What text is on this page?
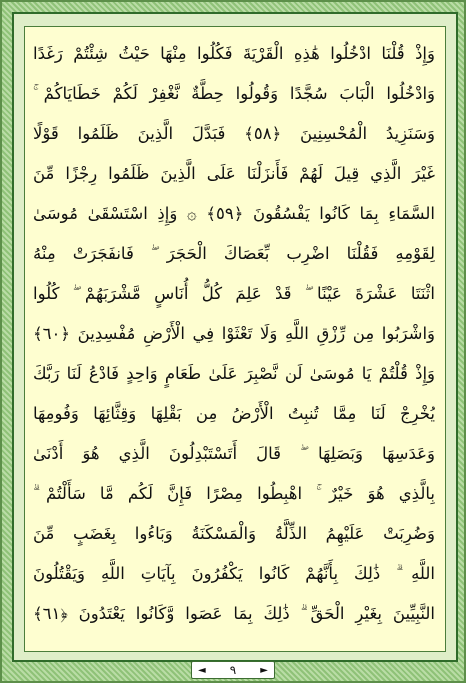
وَإِذْ قُلْنَا ادْخُلُوا هَٰذِهِ الْقَرْيَةَ فَكُلُوا مِنْهَا حَيْثُ شِئْتُمْ رَغَدًا
وَادْخُلُوا الْبَابَ سُجَّدًا وَقُولُوا حِطَّةٌ نَّغْفِرْ لَكُمْ خَطَايَاكُمْ ۚ
وَسَنَزِيدُ الْمُحْسِنِينَ ﴿٥٨﴾ فَبَدَّلَ الَّذِينَ ظَلَمُوا قَوْلًا
غَيْرَ الَّذِي قِيلَ لَهُمْ فَأَنزَلْنَا عَلَى الَّذِينَ ظَلَمُوا رِجْزًا مِّنَ
السَّمَاءِ بِمَا كَانُوا يَفْسُقُونَ ﴿٥٩﴾ ۞ وَإِذِ اسْتَسْقَىٰ مُوسَىٰ
لِقَوْمِهِ فَقُلْنَا اضْرِب بِّعَصَاكَ الْحَجَرَ ۖ فَانفَجَرَتْ مِنْهُ
اثْنَتَا عَشْرَةَ عَيْنًا ۖ قَدْ عَلِمَ كُلُّ أُنَاسٍ مَّشْرَبَهُمْ ۖ كُلُوا
وَاشْرَبُوا مِن رِّزْقِ اللَّهِ وَلَا تَعْثَوْا فِي الْأَرْضِ مُفْسِدِينَ ﴿٦٠﴾
وَإِذْ قُلْتُمْ يَا مُوسَىٰ لَن نَّصْبِرَ عَلَىٰ طَعَامٍ وَاحِدٍ فَادْعُ لَنَا رَبَّكَ
يُخْرِجْ لَنَا مِمَّا تُنبِتُ الْأَرْضُ مِن بَقْلِهَا وَقِثَّائِهَا وَفُومِهَا
وَعَدَسِهَا وَبَصَلِهَا ۖ قَالَ أَتَسْتَبْدِلُونَ الَّذِي هُوَ أَدْنَىٰ
بِالَّذِي هُوَ خَيْرٌ ۚ اهْبِطُوا مِصْرًا فَإِنَّ لَكُم مَّا سَأَلْتُمْ ۗ
وَضُرِبَتْ عَلَيْهِمُ الذِّلَّةُ وَالْمَسْكَنَةُ وَبَاءُوا بِغَضَبٍ مِّنَ
اللَّهِ ۗ ذَٰلِكَ بِأَنَّهُمْ كَانُوا يَكْفُرُونَ بِآيَاتِ اللَّهِ وَيَقْتُلُونَ
النَّبِيِّينَ بِغَيْرِ الْحَقِّ ۗ ذَٰلِكَ بِمَا عَصَوا وَّكَانُوا يَعْتَدُونَ ﴿٦١﴾
◄ ٩ ►
